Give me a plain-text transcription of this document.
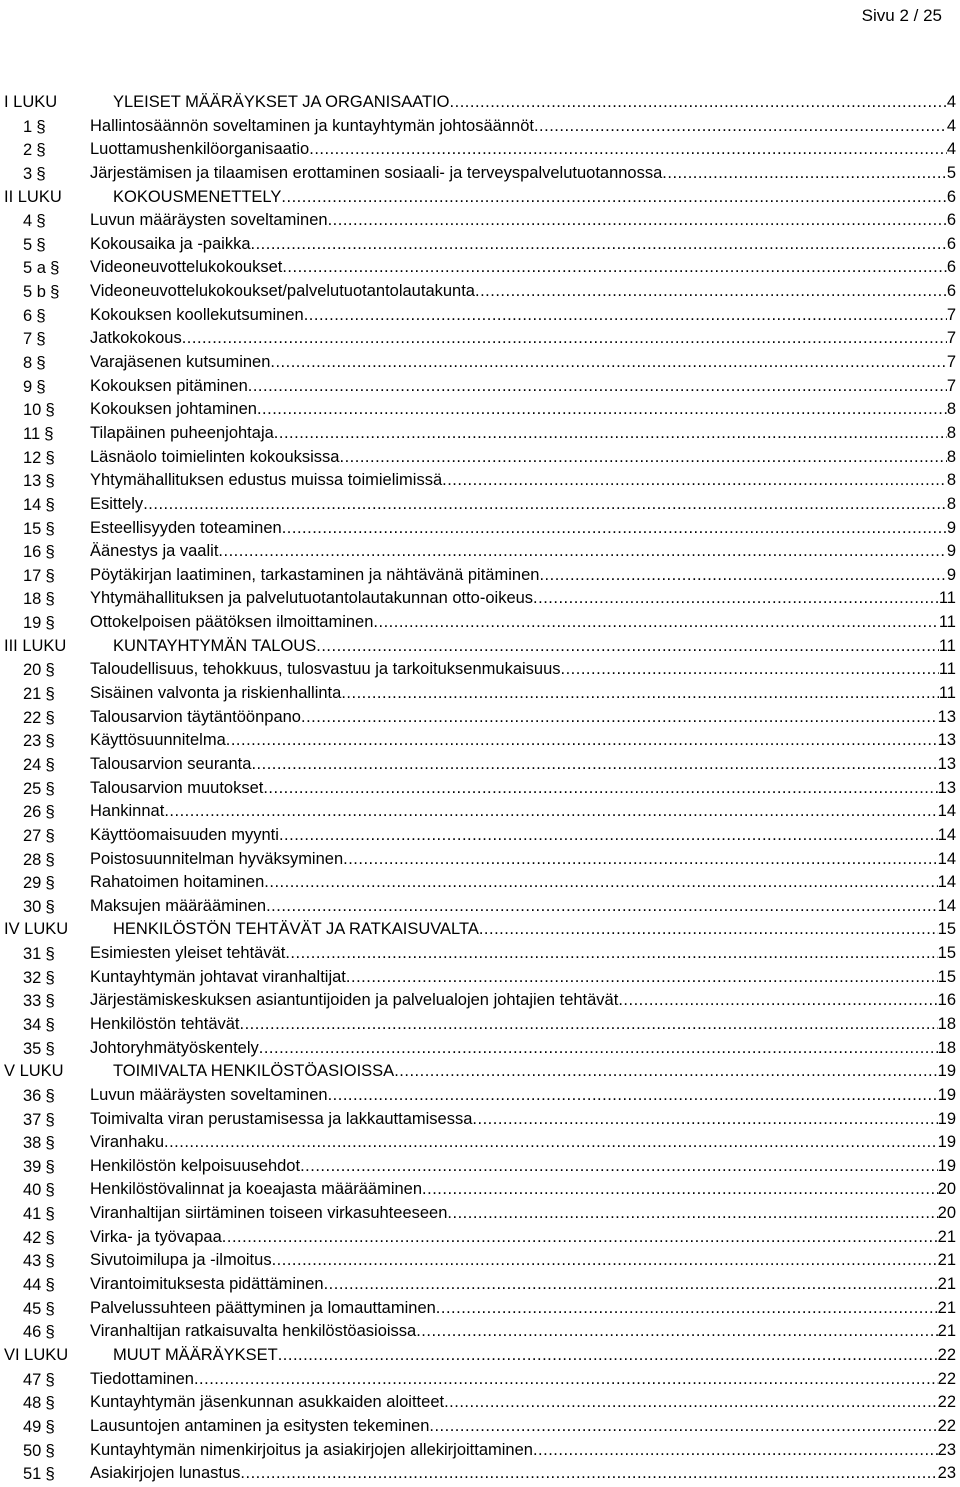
Sivu 2 / 25
I LUKU	YLEISET MÄÄRÄYKSET JA ORGANISAATIO .....	4
1 §	Hallintosäännön soveltaminen ja kuntayhtymän johtosäännöt .....	4
2 §	Luottamushenkilöorganisaatio .....	4
3 §	Järjestämisen ja tilaamisen erottaminen sosiaali- ja terveyspalvelutuotannossa .....	5
II LUKU	KOKOUSMENETTELY .....	6
4 §	Luvun määräysten soveltaminen .....	6
5 §	Kokousaika ja -paikka .....	6
5 a § Videoneuvottelukokoukset .....	6
5 b § Videoneuvottelukokoukset/palvelutuotantolautakunta .....	6
6 §	Kokouksen koollekutsuminen .....	7
7 §	Jatkokokous .....	7
8 §	Varajäsenen kutsuminen .....	7
9 §	Kokouksen pitäminen .....	7
10 § Kokouksen johtaminen .....	8
11 § Tilapäinen puheenjohtaja .....	8
12 § Läsnäolo toimielinten kokouksissa .....	8
13 § Yhtymähallituksen edustus muissa toimielimissä .....	8
14 § Esittely .....	8
15 § Esteellisyyden toteaminen .....	9
16 § Äänestys ja vaalit .....	9
17 § Pöytäkirjan laatiminen, tarkastaminen ja nähtävänä pitäminen .....	9
18 § Yhtymähallituksen ja palvelutuotantolautakunnan otto-oikeus .....	11
19 § Ottokelpoisen päätöksen ilmoittaminen .....	11
III LUKU	KUNTAYHTYMÄN TALOUS .....	11
20 § Taloudellisuus, tehokkuus, tulosvastuu ja tarkoituksenmukaisuus .....	11
21 § Sisäinen valvonta ja riskienhallinta .....	11
22 § Talousarvion täytäntöönpano .....	13
23 § Käyttösuunnitelma .....	13
24 § Talousarvion seuranta .....	13
25 § Talousarvion muutokset .....	13
26 § Hankinnat .....	14
27 § Käyttöomaisuuden myynti .....	14
28 § Poistosuunnitelman hyväksyminen .....	14
29 § Rahatoimen hoitaminen .....	14
30 § Maksujen määrääminen .....	14
IV LUKU	HENKILÖSTÖN TEHTÄVÄT JA RATKAISUVALTA .....	15
31 § Esimiesten yleiset tehtävät .....	15
32 § Kuntayhtymän johtavat viranhaltijat .....	15
33 § Järjestämiskeskuksen asiantuntijoiden ja palvelualojen johtajien tehtävät .....	16
34 § Henkilöstön tehtävät .....	18
35 § Johtoryhmätyöskentely .....	18
V LUKU	TOIMIVALTA HENKILÖSTÖASIOISSA .....	19
36 § Luvun määräysten soveltaminen .....	19
37 § Toimivalta viran perustamisessa ja lakkauttamisessa .....	19
38 § Viranhaku .....	19
39 § Henkilöstön kelpoisuusehdot .....	19
40 § Henkilöstövalinnat ja koeajasta määrääminen .....	20
41 § Viranhaltijan siirtäminen toiseen virkasuhteeseen .....	20
42 § Virka- ja työvapaa .....	21
43 § Sivutoimilupa ja -ilmoitus .....	21
44 § Virantoimituksesta pidättäminen .....	21
45 § Palvelussuhteen päättyminen ja lomauttaminen .....	21
46 § Viranhaltijan ratkaisuvalta henkilöstöasioissa .....	21
VI LUKU	MUUT MÄÄRÄYKSET .....	22
47 § Tiedottaminen .....	22
48 § Kuntayhtymän jäsenkunnan asukkaiden aloitteet .....	22
49 § Lausuntojen antaminen ja esitysten tekeminen .....	22
50 § Kuntayhtymän nimenkirjoitus ja asiakirjojen allekirjoittaminen .....	23
51 § Asiakirjojen lunastus .....	23
